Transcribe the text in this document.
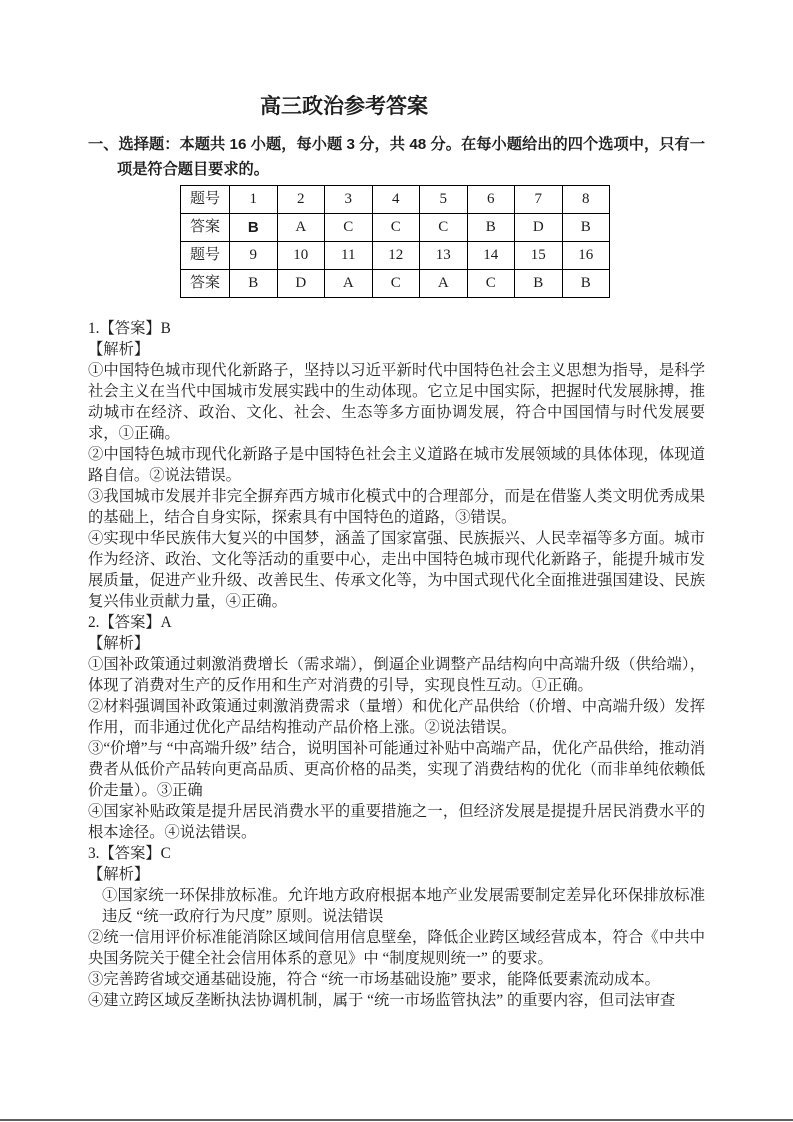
高三政治参考答案
一、选择题：本题共 16 小题，每小题 3 分，共 48 分。在每小题给出的四个选项中，只有一项是符合题目要求的。
题号	1	2	3	4	5	6	7	8
答案	B	A	C	C	C	B	D	B
题号	9	10	11	12	13	14	15	16
答案	B	D	A	C	A	C	B	B

1.【答案】B

【解析】

①中国特色城市现代化新路子，坚持以习近平新时代中国特色社会主义思想为指导，是科学社会主义在当代中国城市发展实践中的生动体现。它立足中国实际，把握时代发展脉搏，推动城市在经济、政治、文化、社会、生态等多方面协调发展，符合中国国情与时代发展要求，①正确。

②中国特色城市现代化新路子是中国特色社会主义道路在城市发展领域的具体体现，体现道路自信。②说法错误。

③我国城市发展并非完全摒弃西方城市化模式中的合理部分，而是在借鉴人类文明优秀成果的基础上，结合自身实际，探索具有中国特色的道路，③错误。

④实现中华民族伟大复兴的中国梦，涵盖了国家富强、民族振兴、人民幸福等多方面。城市作为经济、政治、文化等活动的重要中心，走出中国特色城市现代化新路子，能提升城市发展质量，促进产业升级、改善民生、传承文化等，为中国式现代化全面推进强国建设、民族复兴伟业贡献力量，④正确。

2.【答案】A

【解析】

①国补政策通过刺激消费增长（需求端），倒逼企业调整产品结构向中高端升级（供给端），体现了消费对生产的反作用和生产对消费的引导，实现良性互动。①正确。

②材料强调国补政策通过刺激消费需求（量增）和优化产品供给（价增、中高端升级）发挥作用，而非通过优化产品结构推动产品价格上涨。②说法错误。

③“价增”与 “中高端升级” 结合，说明国补可能通过补贴中高端产品，优化产品供给，推动消费者从低价产品转向更高品质、更高价格的品类，实现了消费结构的优化（而非单纯依赖低价走量）。③正确

④国家补贴政策是提升居民消费水平的重要措施之一，但经济发展是提提升居民消费水平的根本途径。④说法错误。

3.【答案】C

【解析】

①国家统一环保排放标准。允许地方政府根据本地产业发展需要制定差异化环保排放标准违反 “统一政府行为尺度” 原则。说法错误

②统一信用评价标准能消除区域间信用信息壁垒，降低企业跨区域经营成本，符合《中共中央国务院关于健全社会信用体系的意见》中 “制度规则统一” 的要求。

③完善跨省域交通基础设施，符合 “统一市场基础设施” 要求，能降低要素流动成本。

④建立跨区域反垄断执法协调机制，属于 “统一市场监管执法” 的重要内容，但司法审查
